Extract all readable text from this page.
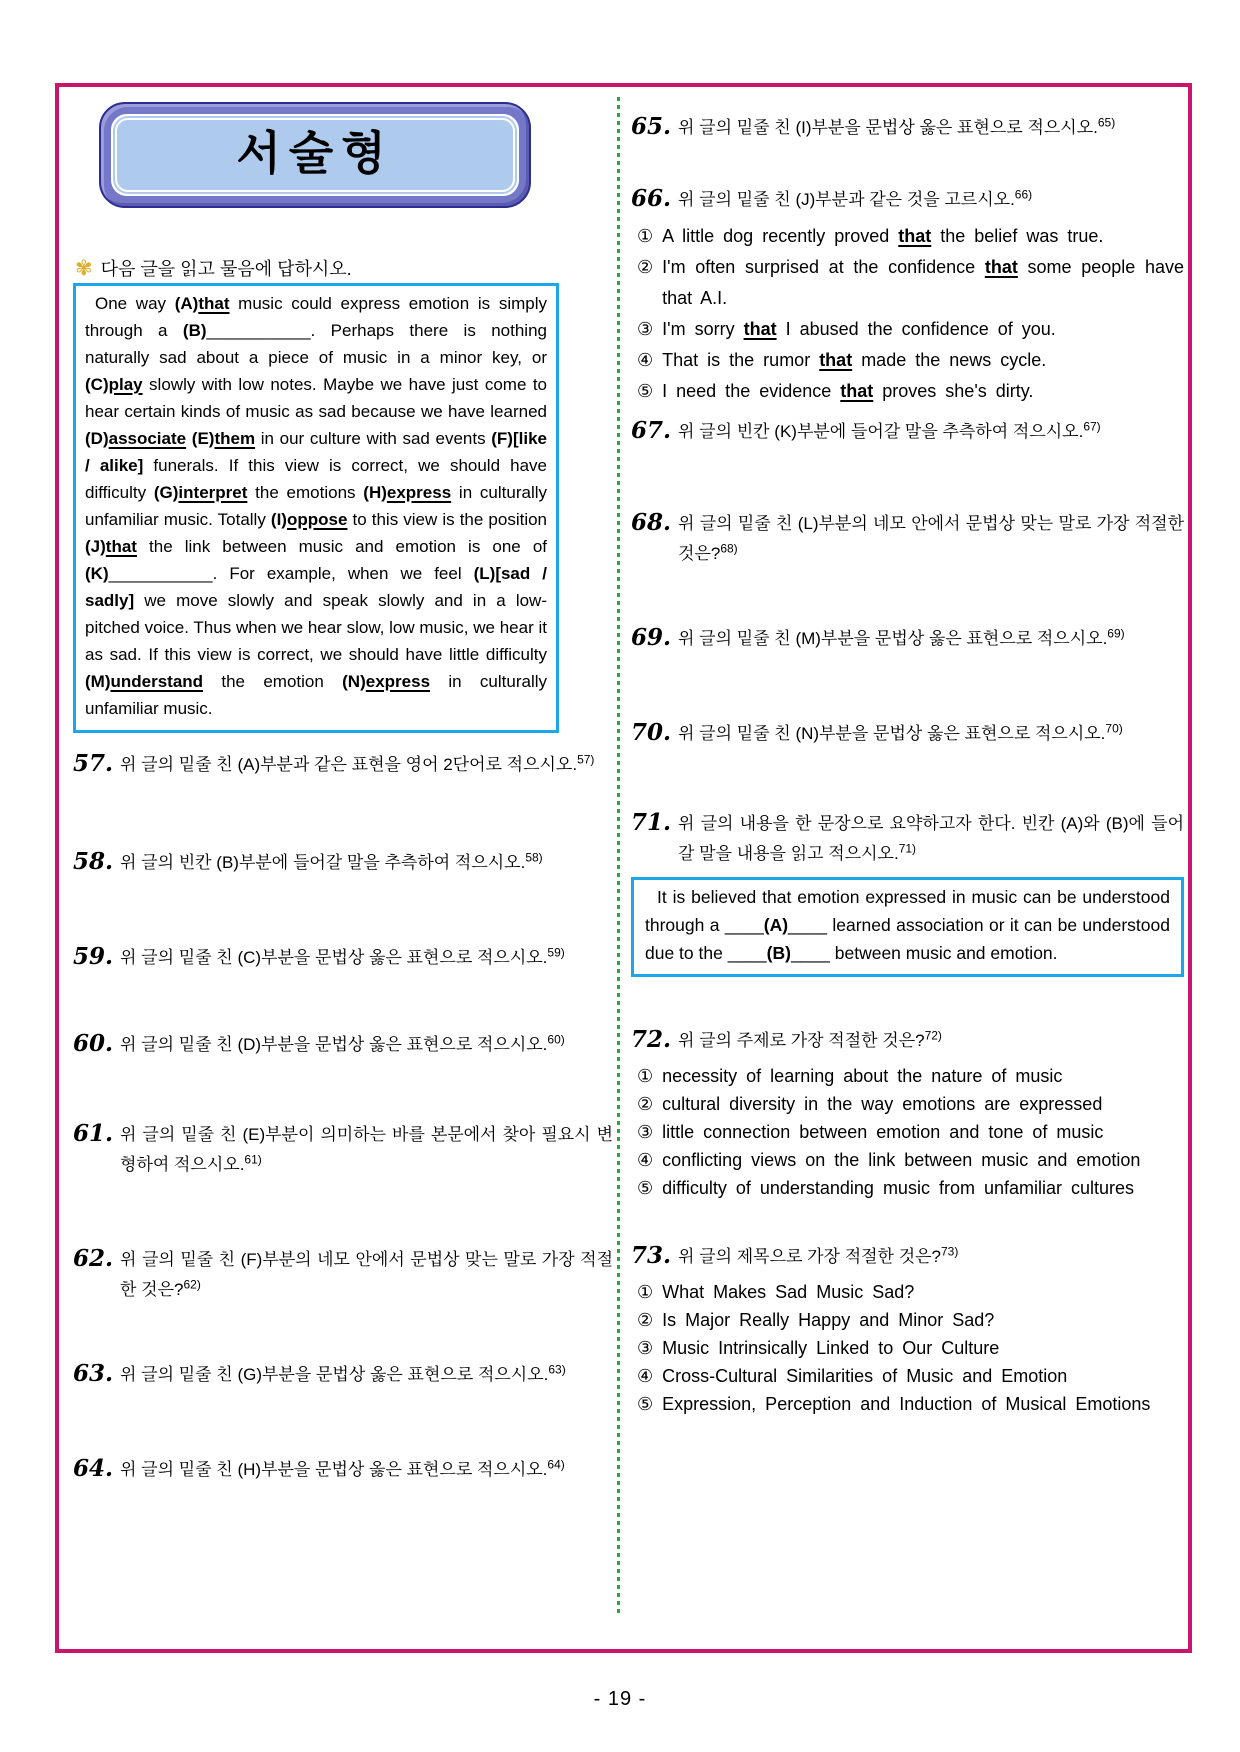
서술형
✾ 다음 글을 읽고 물음에 답하시오.

One way (A)that music could express emotion is simply through a (B)___________. Perhaps there is nothing naturally sad about a piece of music in a minor key, or (C)play slowly with low notes. Maybe we have just come to hear certain kinds of music as sad because we have learned (D)associate (E)them in our culture with sad events (F)[like / alike] funerals. If this view is correct, we should have difficulty (G)interpret the emotions (H)express in culturally unfamiliar music. Totally (I)oppose to this view is the position (J)that the link between music and emotion is one of (K)___________. For example, when we feel (L)[sad / sadly] we move slowly and speak slowly and in a low-pitched voice. Thus when we hear slow, low music, we hear it as sad. If this view is correct, we should have little difficulty (M)understand the emotion (N)express in culturally unfamiliar music.

57. 위 글의 밑줄 친 (A)부분과 같은 표현을 영어 2단어로 적으시오.$^{57)}$

58. 위 글의 빈칸 (B)부분에 들어갈 말을 추측하여 적으시오.$^{58)}$

59. 위 글의 밑줄 친 (C)부분을 문법상 옳은 표현으로 적으시오.$^{59)}$

60. 위 글의 밑줄 친 (D)부분을 문법상 옳은 표현으로 적으시오.$^{60)}$

61. 위 글의 밑줄 친 (E)부분이 의미하는 바를 본문에서 찾아 필요시 변형하여 적으시오.$^{61)}$

62. 위 글의 밑줄 친 (F)부분의 네모 안에서 문법상 맞는 말로 가장 적절한 것은?$^{62)}$

63. 위 글의 밑줄 친 (G)부분을 문법상 옳은 표현으로 적으시오.$^{63)}$

64. 위 글의 밑줄 친 (H)부분을 문법상 옳은 표현으로 적으시오.$^{64)}$

65. 위 글의 밑줄 친 (I)부분을 문법상 옳은 표현으로 적으시오.$^{65)}$

66. 위 글의 밑줄 친 (J)부분과 같은 것을 고르시오.$^{66)}$

① A little dog recently proved that the belief was true.

② I'm often surprised at the confidence that some people have that A.I.

③ I'm sorry that I abused the confidence of you.

④ That is the rumor that made the news cycle.

⑤ I need the evidence that proves she's dirty.

67. 위 글의 빈칸 (K)부분에 들어갈 말을 추측하여 적으시오.$^{67)}$

68. 위 글의 밑줄 친 (L)부분의 네모 안에서 문법상 맞는 말로 가장 적절한 것은?$^{68)}$

69. 위 글의 밑줄 친 (M)부분을 문법상 옳은 표현으로 적으시오.$^{69)}$

70. 위 글의 밑줄 친 (N)부분을 문법상 옳은 표현으로 적으시오.$^{70)}$

71. 위 글의 내용을 한 문장으로 요약하고자 한다. 빈칸 (A)와 (B)에 들어갈 말을 내용을 읽고 적으시오.$^{71)}$

It is believed that emotion expressed in music can be understood through a ____(A)____ learned association or it can be understood due to the ____(B)____ between music and emotion.

72. 위 글의 주제로 가장 적절한 것은?$^{72)}$

① necessity of learning about the nature of music

② cultural diversity in the way emotions are expressed

③ little connection between emotion and tone of music

④ conflicting views on the link between music and emotion

⑤ difficulty of understanding music from unfamiliar cultures

73. 위 글의 제목으로 가장 적절한 것은?$^{73)}$

① What Makes Sad Music Sad?

② Is Major Really Happy and Minor Sad?

③ Music Intrinsically Linked to Our Culture

④ Cross-Cultural Similarities of Music and Emotion

⑤ Expression, Perception and Induction of Musical Emotions

- 19 -
